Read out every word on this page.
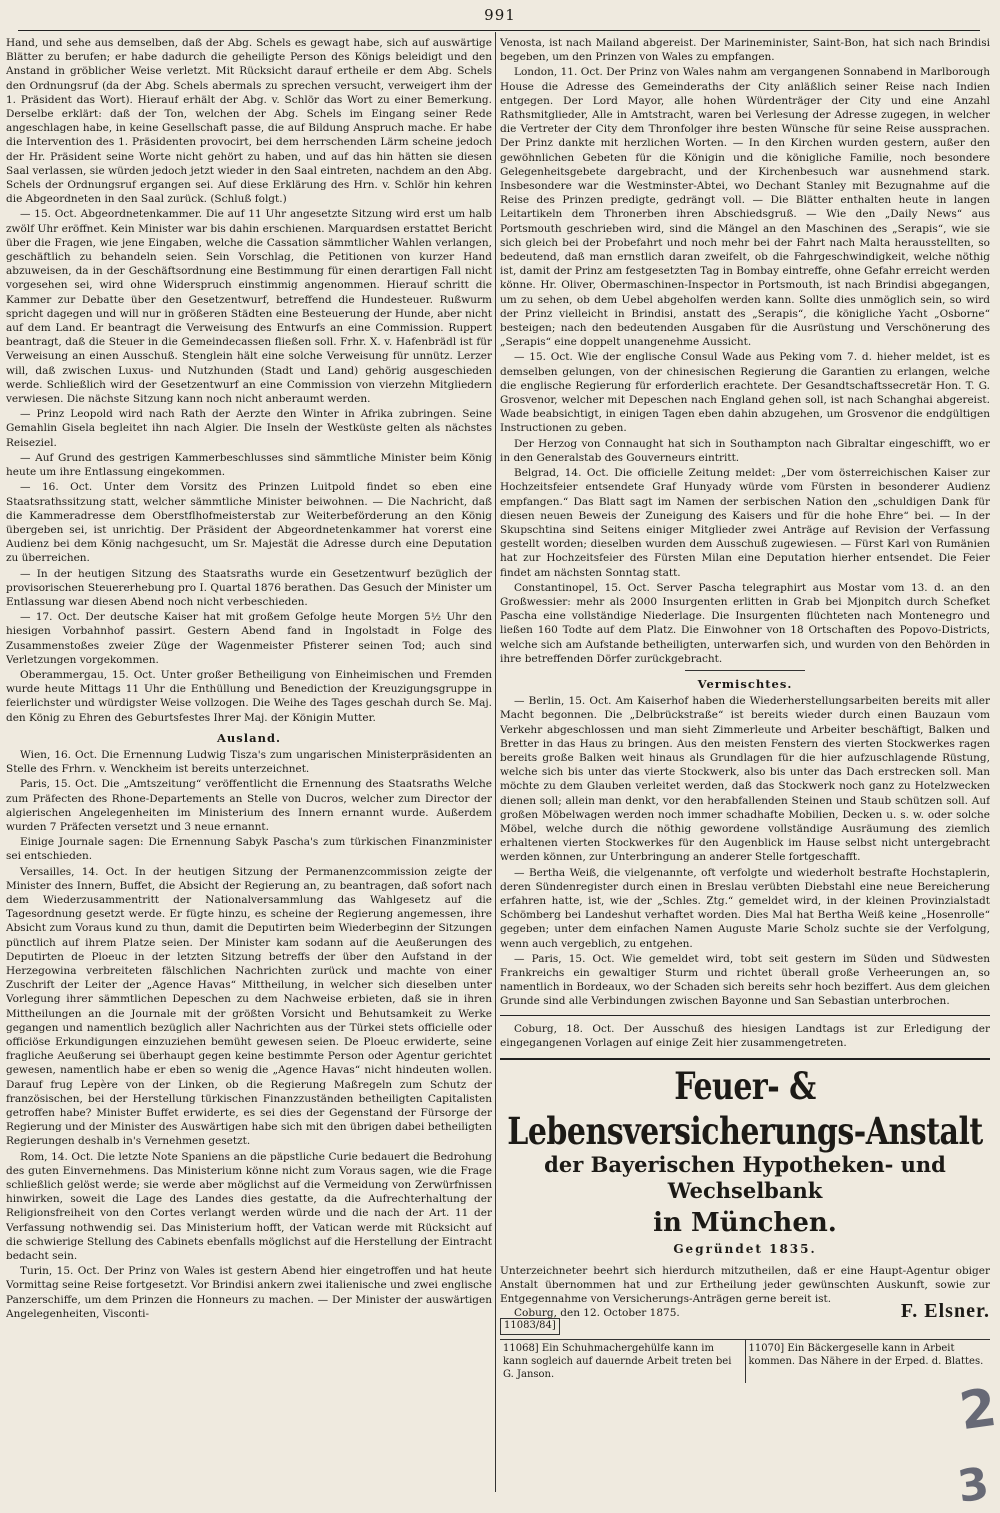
991

Hand, und sehe aus demselben, daß der Abg. Schels es gewagt habe, sich auf auswärtige Blätter zu berufen; er habe dadurch die geheiligte Person des Königs beleidigt und den Anstand in gröblicher Weise verletzt. Mit Rücksicht darauf ertheile er dem Abg. Schels den Ordnungsruf (da der Abg. Schels abermals zu sprechen versucht, verweigert ihm der 1. Präsident das Wort). Hierauf erhält der Abg. v. Schlör das Wort zu einer Bemerkung. Derselbe erklärt: daß der Ton, welchen der Abg. Schels im Eingang seiner Rede angeschlagen habe, in keine Gesellschaft passe, die auf Bildung Anspruch mache. Er habe die Intervention des 1. Präsidenten provocirt, bei dem herrschenden Lärm scheine jedoch der Hr. Präsident seine Worte nicht gehört zu haben, und auf das hin hätten sie diesen Saal verlassen, sie würden jedoch jetzt wieder in den Saal eintreten, nachdem an den Abg. Schels der Ordnungsruf ergangen sei. Auf diese Erklärung des Hrn. v. Schlör hin kehren die Abgeordneten in den Saal zurück. (Schluß folgt.)

— 15. Oct. Abgeordnetenkammer. Die auf 11 Uhr angesetzte Sitzung wird erst um halb zwölf Uhr eröffnet. Kein Minister war bis dahin erschienen. Marquardsen erstattet Bericht über die Fragen, wie jene Eingaben, welche die Cassation sämmtlicher Wahlen verlangen, geschäftlich zu behandeln seien. Sein Vorschlag, die Petitionen von kurzer Hand abzuweisen, da in der Geschäftsordnung eine Bestimmung für einen derartigen Fall nicht vorgesehen sei, wird ohne Widerspruch einstimmig angenommen. Hierauf schritt die Kammer zur Debatte über den Gesetzentwurf, betreffend die Hundesteuer. Rußwurm spricht dagegen und will nur in größeren Städten eine Besteuerung der Hunde, aber nicht auf dem Land. Er beantragt die Verweisung des Entwurfs an eine Commission. Ruppert beantragt, daß die Steuer in die Gemeindecassen fließen soll. Frhr. X. v. Hafenbrädl ist für Verweisung an einen Ausschuß. Stenglein hält eine solche Verweisung für unnütz. Lerzer will, daß zwischen Luxus- und Nutzhunden (Stadt und Land) gehörig ausgeschieden werde. Schließlich wird der Gesetzentwurf an eine Commission von vierzehn Mitgliedern verwiesen. Die nächste Sitzung kann noch nicht anberaumt werden.

— Prinz Leopold wird nach Rath der Aerzte den Winter in Afrika zubringen. Seine Gemahlin Gisela begleitet ihn nach Algier. Die Inseln der Westküste gelten als nächstes Reiseziel.

— Auf Grund des gestrigen Kammerbeschlusses sind sämmtliche Minister beim König heute um ihre Entlassung eingekommen.

— 16. Oct. Unter dem Vorsitz des Prinzen Luitpold findet so eben eine Staatsrathssitzung statt, welcher sämmtliche Minister beiwohnen. — Die Nachricht, daß die Kammeradresse dem Oberstflhofmeisterstab zur Weiterbeförderung an den König übergeben sei, ist unrichtig. Der Präsident der Abgeordnetenkammer hat vorerst eine Audienz bei dem König nachgesucht, um Sr. Majestät die Adresse durch eine Deputation zu überreichen.

— In der heutigen Sitzung des Staatsraths wurde ein Gesetzentwurf bezüglich der provisorischen Steuererhebung pro I. Quartal 1876 berathen. Das Gesuch der Minister um Entlassung war diesen Abend noch nicht verbeschieden.

— 17. Oct. Der deutsche Kaiser hat mit großem Gefolge heute Morgen 5½ Uhr den hiesigen Vorbahnhof passirt. Gestern Abend fand in Ingolstadt in Folge des Zusammenstoßes zweier Züge der Wagenmeister Pfisterer seinen Tod; auch sind Verletzungen vorgekommen.

Oberammergau, 15. Oct. Unter großer Betheiligung von Einheimischen und Fremden wurde heute Mittags 11 Uhr die Enthüllung und Benediction der Kreuzigungsgruppe in feierlichster und würdigster Weise vollzogen. Die Weihe des Tages geschah durch Se. Maj. den König zu Ehren des Geburtsfestes Ihrer Maj. der Königin Mutter.

Ausland.

Wien, 16. Oct. Die Ernennung Ludwig Tisza's zum ungarischen Ministerpräsidenten an Stelle des Frhrn. v. Wenckheim ist bereits unterzeichnet.

Paris, 15. Oct. Die „Amtszeitung“ veröffentlicht die Ernennung des Staatsraths Welche zum Präfecten des Rhone-Departements an Stelle von Ducros, welcher zum Director der algierischen Angelegenheiten im Ministerium des Innern ernannt wurde. Außerdem wurden 7 Präfecten versetzt und 3 neue ernannt.

Einige Journale sagen: Die Ernennung Sabyk Pascha's zum türkischen Finanzminister sei entschieden.

Versailles, 14. Oct. In der heutigen Sitzung der Permanenzcommission zeigte der Minister des Innern, Buffet, die Absicht der Regierung an, zu beantragen, daß sofort nach dem Wiederzusammentritt der Nationalversammlung das Wahlgesetz auf die Tagesordnung gesetzt werde. Er fügte hinzu, es scheine der Regierung angemessen, ihre Absicht zum Voraus kund zu thun, damit die Deputirten beim Wiederbeginn der Sitzungen pünctlich auf ihrem Platze seien. Der Minister kam sodann auf die Aeußerungen des Deputirten de Ploeuc in der letzten Sitzung betreffs der über den Aufstand in der Herzegowina verbreiteten fälschlichen Nachrichten zurück und machte von einer Zuschrift der Leiter der „Agence Havas“ Mittheilung, in welcher sich dieselben unter Vorlegung ihrer sämmtlichen Depeschen zu dem Nachweise erbieten, daß sie in ihren Mittheilungen an die Journale mit der größten Vorsicht und Behutsamkeit zu Werke gegangen und namentlich bezüglich aller Nachrichten aus der Türkei stets officielle oder officiöse Erkundigungen einzuziehen bemüht gewesen seien. De Ploeuc erwiderte, seine fragliche Aeußerung sei überhaupt gegen keine bestimmte Person oder Agentur gerichtet gewesen, namentlich habe er eben so wenig die „Agence Havas“ nicht hindeuten wollen. Darauf frug Lepère von der Linken, ob die Regierung Maßregeln zum Schutz der französischen, bei der Herstellung türkischen Finanzzuständen betheiligten Capitalisten getroffen habe? Minister Buffet erwiderte, es sei dies der Gegenstand der Fürsorge der Regierung und der Minister des Auswärtigen habe sich mit den übrigen dabei betheiligten Regierungen deshalb in's Vernehmen gesetzt.

Rom, 14. Oct. Die letzte Note Spaniens an die päpstliche Curie bedauert die Bedrohung des guten Einvernehmens. Das Ministerium könne nicht zum Voraus sagen, wie die Frage schließlich gelöst werde; sie werde aber möglichst auf die Vermeidung von Zerwürfnissen hinwirken, soweit die Lage des Landes dies gestatte, da die Aufrechterhaltung der Religionsfreiheit von den Cortes verlangt werden würde und die nach der Art. 11 der Verfassung nothwendig sei. Das Ministerium hofft, der Vatican werde mit Rücksicht auf die schwierige Stellung des Cabinets ebenfalls möglichst auf die Herstellung der Eintracht bedacht sein.

Turin, 15. Oct. Der Prinz von Wales ist gestern Abend hier eingetroffen und hat heute Vormittag seine Reise fortgesetzt. Vor Brindisi ankern zwei italienische und zwei englische Panzerschiffe, um dem Prinzen die Honneurs zu machen. — Der Minister der auswärtigen Angelegenheiten, Visconti-

Venosta, ist nach Mailand abgereist. Der Marineminister, Saint-Bon, hat sich nach Brindisi begeben, um den Prinzen von Wales zu empfangen.

London, 11. Oct. Der Prinz von Wales nahm am vergangenen Sonnabend in Marlborough House die Adresse des Gemeinderaths der City anläßlich seiner Reise nach Indien entgegen. Der Lord Mayor, alle hohen Würdenträger der City und eine Anzahl Rathsmitglieder, Alle in Amtstracht, waren bei Verlesung der Adresse zugegen, in welcher die Vertreter der City dem Thronfolger ihre besten Wünsche für seine Reise aussprachen. Der Prinz dankte mit herzlichen Worten. — In den Kirchen wurden gestern, außer den gewöhnlichen Gebeten für die Königin und die königliche Familie, noch besondere Gelegenheitsgebete dargebracht, und der Kirchenbesuch war ausnehmend stark. Insbesondere war die Westminster-Abtei, wo Dechant Stanley mit Bezugnahme auf die Reise des Prinzen predigte, gedrängt voll. — Die Blätter enthalten heute in langen Leitartikeln dem Thronerben ihren Abschiedsgruß. — Wie den „Daily News“ aus Portsmouth geschrieben wird, sind die Mängel an den Maschinen des „Serapis“, wie sie sich gleich bei der Probefahrt und noch mehr bei der Fahrt nach Malta herausstellten, so bedeutend, daß man ernstlich daran zweifelt, ob die Fahrgeschwindigkeit, welche nöthig ist, damit der Prinz am festgesetzten Tag in Bombay eintreffe, ohne Gefahr erreicht werden könne. Hr. Oliver, Obermaschinen-Inspector in Portsmouth, ist nach Brindisi abgegangen, um zu sehen, ob dem Uebel abgeholfen werden kann. Sollte dies unmöglich sein, so wird der Prinz vielleicht in Brindisi, anstatt des „Serapis“, die königliche Yacht „Osborne“ besteigen; nach den bedeutenden Ausgaben für die Ausrüstung und Verschönerung des „Serapis“ eine doppelt unangenehme Aussicht.

— 15. Oct. Wie der englische Consul Wade aus Peking vom 7. d. hieher meldet, ist es demselben gelungen, von der chinesischen Regierung die Garantien zu erlangen, welche die englische Regierung für erforderlich erachtete. Der Gesandtschaftssecretär Hon. T. G. Grosvenor, welcher mit Depeschen nach England gehen soll, ist nach Schanghai abgereist. Wade beabsichtigt, in einigen Tagen eben dahin abzugehen, um Grosvenor die endgültigen Instructionen zu geben.

Der Herzog von Connaught hat sich in Southampton nach Gibraltar eingeschifft, wo er in den Generalstab des Gouverneurs eintritt.

Belgrad, 14. Oct. Die officielle Zeitung meldet: „Der vom österreichischen Kaiser zur Hochzeitsfeier entsendete Graf Hunyady würde vom Fürsten in besonderer Audienz empfangen.“ Das Blatt sagt im Namen der serbischen Nation den „schuldigen Dank für diesen neuen Beweis der Zuneigung des Kaisers und für die hohe Ehre“ bei. — In der Skupschtina sind Seitens einiger Mitglieder zwei Anträge auf Revision der Verfassung gestellt worden; dieselben wurden dem Ausschuß zugewiesen. — Fürst Karl von Rumänien hat zur Hochzeitsfeier des Fürsten Milan eine Deputation hierher entsendet. Die Feier findet am nächsten Sonntag statt.

Constantinopel, 15. Oct. Server Pascha telegraphirt aus Mostar vom 13. d. an den Großwessier: mehr als 2000 Insurgenten erlitten in Grab bei Mjonpitch durch Schefket Pascha eine vollständige Niederlage. Die Insurgenten flüchteten nach Montenegro und ließen 160 Todte auf dem Platz. Die Einwohner von 18 Ortschaften des Popovo-Districts, welche sich am Aufstande betheiligten, unterwarfen sich, und wurden von den Behörden in ihre betreffenden Dörfer zurückgebracht.

Vermischtes.

— Berlin, 15. Oct. Am Kaiserhof haben die Wiederherstellungsarbeiten bereits mit aller Macht begonnen. Die „Delbrückstraße“ ist bereits wieder durch einen Bauzaun vom Verkehr abgeschlossen und man sieht Zimmerleute und Arbeiter beschäftigt, Balken und Bretter in das Haus zu bringen. Aus den meisten Fenstern des vierten Stockwerkes ragen bereits große Balken weit hinaus als Grundlagen für die hier aufzuschlagende Rüstung, welche sich bis unter das vierte Stockwerk, also bis unter das Dach erstrecken soll. Man möchte zu dem Glauben verleitet werden, daß das Stockwerk noch ganz zu Hotelzwecken dienen soll; allein man denkt, vor den herabfallenden Steinen und Staub schützen soll. Auf großen Möbelwagen werden noch immer schadhafte Mobilien, Decken u. s. w. oder solche Möbel, welche durch die nöthig gewordene vollständige Ausräumung des ziemlich erhaltenen vierten Stockwerkes für den Augenblick im Hause selbst nicht untergebracht werden können, zur Unterbringung an anderer Stelle fortgeschafft.

— Bertha Weiß, die vielgenannte, oft verfolgte und wiederholt bestrafte Hochstaplerin, deren Sündenregister durch einen in Breslau verübten Diebstahl eine neue Bereicherung erfahren hatte, ist, wie der „Schles. Ztg.“ gemeldet wird, in der kleinen Provinzialstadt Schömberg bei Landeshut verhaftet worden. Dies Mal hat Bertha Weiß keine „Hosenrolle“ gegeben; unter dem einfachen Namen Auguste Marie Scholz suchte sie der Verfolgung, wenn auch vergeblich, zu entgehen.

— Paris, 15. Oct. Wie gemeldet wird, tobt seit gestern im Süden und Südwesten Frankreichs ein gewaltiger Sturm und richtet überall große Verheerungen an, so namentlich in Bordeaux, wo der Schaden sich bereits sehr hoch beziffert. Aus dem gleichen Grunde sind alle Verbindungen zwischen Bayonne und San Sebastian unterbrochen.

Coburg, 18. Oct. Der Ausschuß des hiesigen Landtags ist zur Erledigung der eingegangenen Vorlagen auf einige Zeit hier zusammengetreten.

Feuer- & Lebensversicherungs-Anstalt
der Bayerischen Hypotheken- und Wechselbank
in München.
Gegründet 1835.
Unterzeichneter beehrt sich hierdurch mitzutheilen, daß er eine Haupt-Agentur obiger Anstalt übernommen hat und zur Ertheilung jeder gewünschten Auskunft, sowie zur Entgegennahme von Versicherungs-Anträgen gerne bereit ist.
Coburg, den 12. October 1875.	F. Elsner.
11083/84]
11068] Ein Schuhmachergehülfe kann im kann sogleich auf dauernde Arbeit treten bei G. Janson.
11070] Ein Bäckergeselle kann in Arbeit kommen. Das Nähere in der Erped. d. Blattes.
2
3
